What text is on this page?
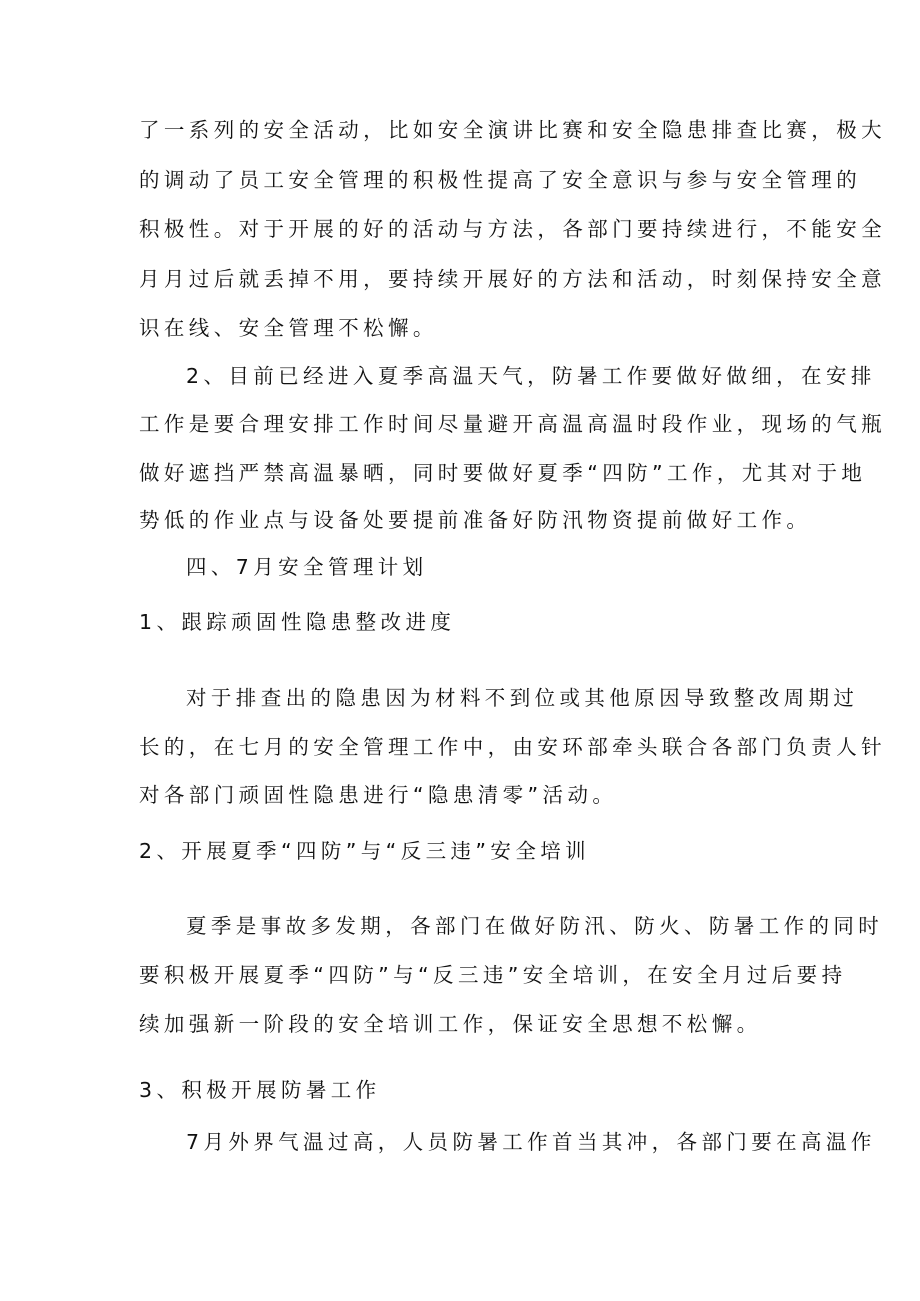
了一系列的安全活动，比如安全演讲比赛和安全隐患排查比赛，极大
的调动了员工安全管理的积极性提高了安全意识与参与安全管理的
积极性。对于开展的好的活动与方法，各部门要持续进行，不能安全
月月过后就丢掉不用，要持续开展好的方法和活动，时刻保持安全意
识在线、安全管理不松懈。
2、目前已经进入夏季高温天气，防暑工作要做好做细，在安排
工作是要合理安排工作时间尽量避开高温高温时段作业，现场的气瓶
做好遮挡严禁高温暴晒，同时要做好夏季“四防”工作，尤其对于地
势低的作业点与设备处要提前准备好防汛物资提前做好工作。
四、7月安全管理计划
1、跟踪顽固性隐患整改进度
对于排查出的隐患因为材料不到位或其他原因导致整改周期过
长的，在七月的安全管理工作中，由安环部牵头联合各部门负责人针
对各部门顽固性隐患进行“隐患清零”活动。
2、开展夏季“四防”与“反三违”安全培训
夏季是事故多发期，各部门在做好防汛、防火、防暑工作的同时
要积极开展夏季“四防”与“反三违”安全培训，在安全月过后要持
续加强新一阶段的安全培训工作，保证安全思想不松懈。
3、积极开展防暑工作
7月外界气温过高，人员防暑工作首当其冲，各部门要在高温作
